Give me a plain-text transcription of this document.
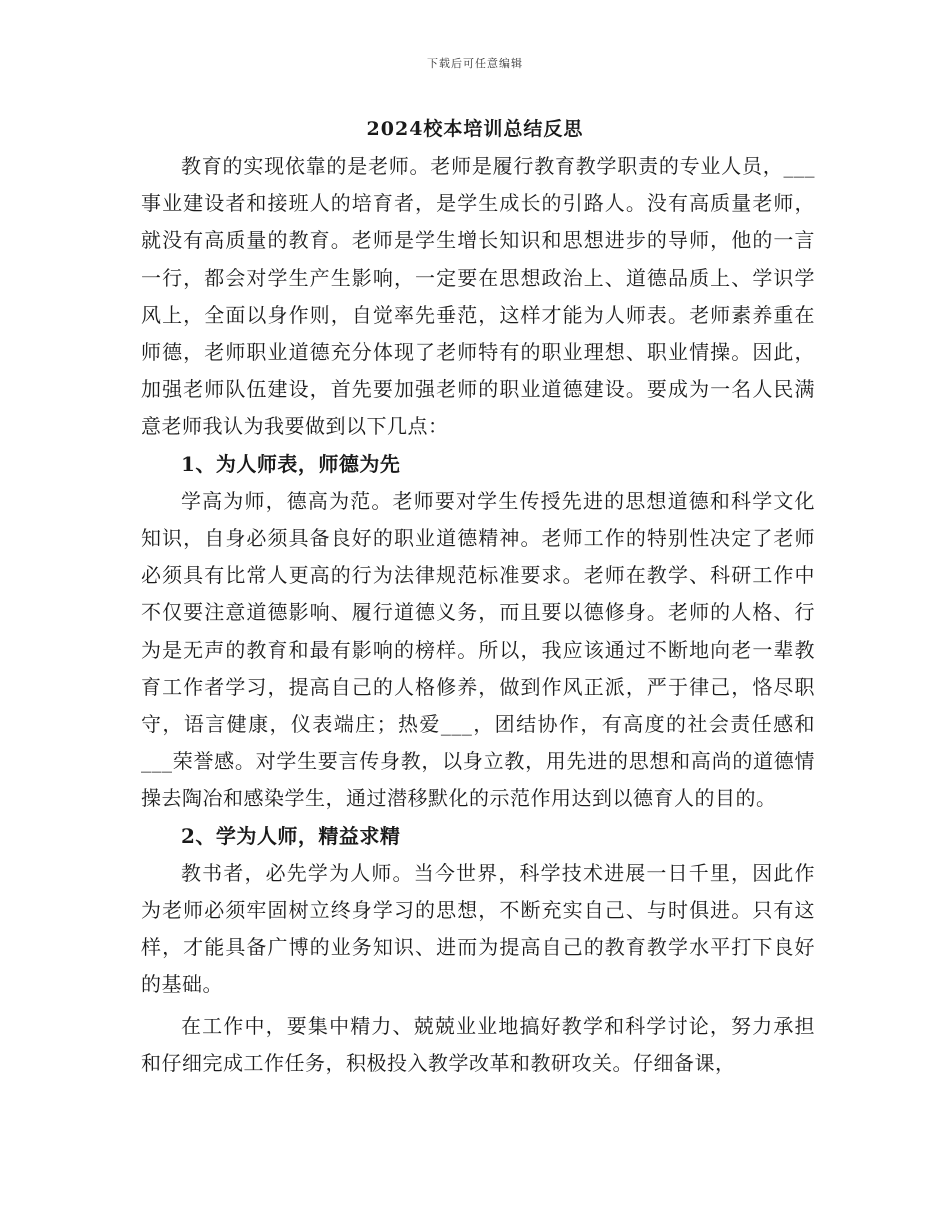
下载后可任意编辑
2024校本培训总结反思

教育的实现依靠的是老师。老师是履行教育教学职责的专业人员，___事业建设者和接班人的培育者，是学生成长的引路人。没有高质量老师，就没有高质量的教育。老师是学生增长知识和思想进步的导师，他的一言一行，都会对学生产生影响，一定要在思想政治上、道德品质上、学识学风上，全面以身作则，自觉率先垂范，这样才能为人师表。老师素养重在师德，老师职业道德充分体现了老师特有的职业理想、职业情操。因此，加强老师队伍建设，首先要加强老师的职业道德建设。要成为一名人民满意老师我认为我要做到以下几点：

1、为人师表，师德为先

学高为师，德高为范。老师要对学生传授先进的思想道德和科学文化知识，自身必须具备良好的职业道德精神。老师工作的特别性决定了老师必须具有比常人更高的行为法律规范标准要求。老师在教学、科研工作中不仅要注意道德影响、履行道德义务，而且要以德修身。老师的人格、行为是无声的教育和最有影响的榜样。所以，我应该通过不断地向老一辈教育工作者学习，提高自己的人格修养，做到作风正派，严于律己，恪尽职守，语言健康，仪表端庄；热爱___，团结协作，有高度的社会责任感和___荣誉感。对学生要言传身教，以身立教，用先进的思想和高尚的道德情操去陶冶和感染学生，通过潜移默化的示范作用达到以德育人的目的。

2、学为人师，精益求精

教书者，必先学为人师。当今世界，科学技术进展一日千里，因此作为老师必须牢固树立终身学习的思想，不断充实自己、与时俱进。只有这样，才能具备广博的业务知识、进而为提高自己的教育教学水平打下良好的基础。

在工作中，要集中精力、兢兢业业地搞好教学和科学讨论，努力承担和仔细完成工作任务，积极投入教学改革和教研攻关。仔细备课，
